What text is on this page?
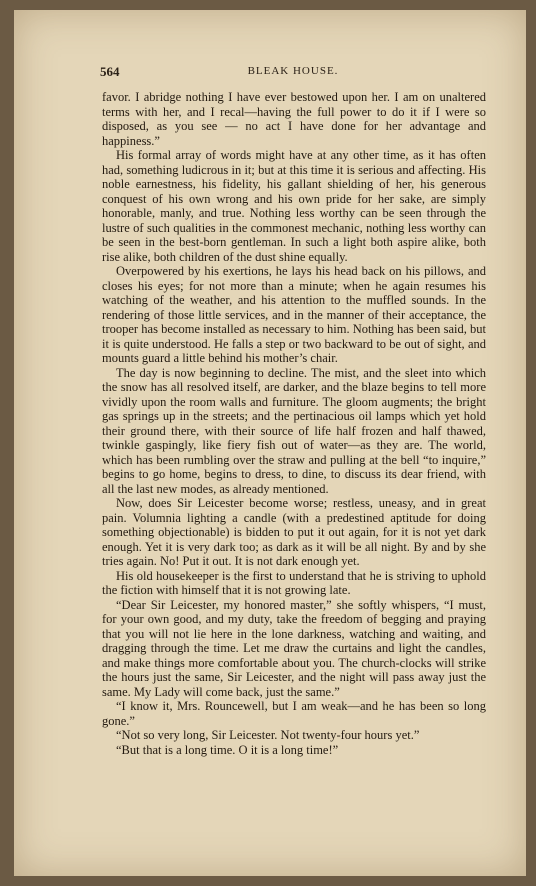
564	BLEAK HOUSE.

favor. I abridge nothing I have ever bestowed upon her. I am on unaltered terms with her, and I recal—having the full power to do it if I were so disposed, as you see — no act I have done for her advantage and happiness.”

His formal array of words might have at any other time, as it has often had, something ludicrous in it; but at this time it is serious and affecting. His noble earnestness, his fidelity, his gallant shielding of her, his generous conquest of his own wrong and his own pride for her sake, are simply honorable, manly, and true. Nothing less worthy can be seen through the lustre of such qualities in the commonest mechanic, nothing less worthy can be seen in the best-born gentleman. In such a light both aspire alike, both rise alike, both children of the dust shine equally.

Overpowered by his exertions, he lays his head back on his pillows, and closes his eyes; for not more than a minute; when he again resumes his watching of the weather, and his attention to the muffled sounds. In the rendering of those little services, and in the manner of their acceptance, the trooper has become installed as necessary to him. Nothing has been said, but it is quite understood. He falls a step or two backward to be out of sight, and mounts guard a little behind his mother’s chair.

The day is now beginning to decline. The mist, and the sleet into which the snow has all resolved itself, are darker, and the blaze begins to tell more vividly upon the room walls and furniture. The gloom augments; the bright gas springs up in the streets; and the pertinacious oil lamps which yet hold their ground there, with their source of life half frozen and half thawed, twinkle gaspingly, like fiery fish out of water—as they are. The world, which has been rumbling over the straw and pulling at the bell “to inquire,” begins to go home, begins to dress, to dine, to discuss its dear friend, with all the last new modes, as already mentioned.

Now, does Sir Leicester become worse; restless, uneasy, and in great pain. Volumnia lighting a candle (with a predestined aptitude for doing something objectionable) is bidden to put it out again, for it is not yet dark enough. Yet it is very dark too; as dark as it will be all night. By and by she tries again. No! Put it out. It is not dark enough yet.

His old housekeeper is the first to understand that he is striving to uphold the fiction with himself that it is not growing late.

“Dear Sir Leicester, my honored master,” she softly whispers, “I must, for your own good, and my duty, take the freedom of begging and praying that you will not lie here in the lone darkness, watching and waiting, and dragging through the time. Let me draw the curtains and light the candles, and make things more comfortable about you. The church-clocks will strike the hours just the same, Sir Leicester, and the night will pass away just the same. My Lady will come back, just the same.”

“I know it, Mrs. Rouncewell, but I am weak—and he has been so long gone.”

“Not so very long, Sir Leicester. Not twenty-four hours yet.”

“But that is a long time. O it is a long time!”
